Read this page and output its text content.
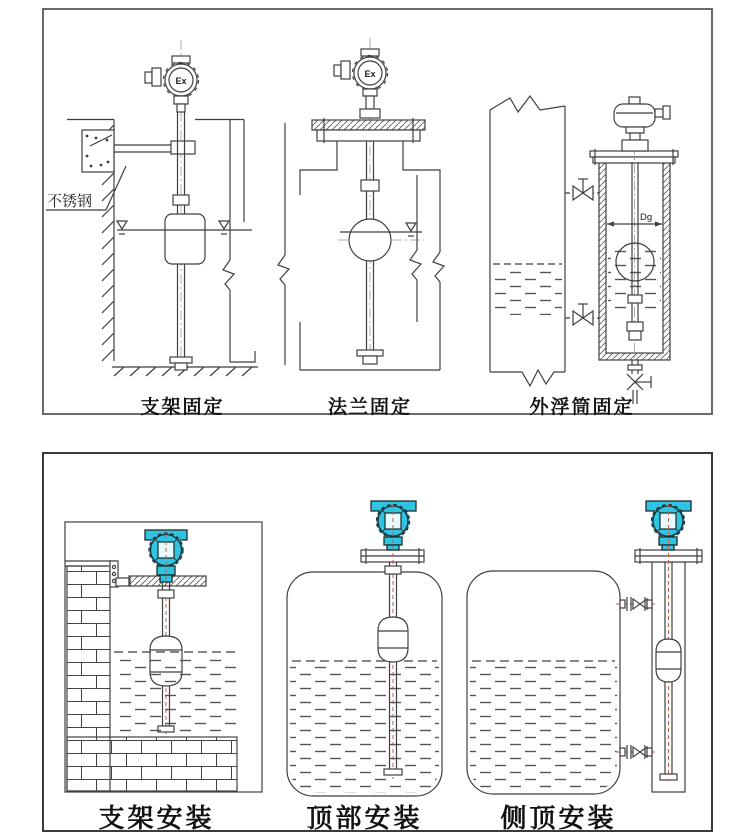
Ex
Ex
Dg
不锈钢
支架固定	法兰固定	外浮筒固定
支架安装	顶部安装	侧顶安装
